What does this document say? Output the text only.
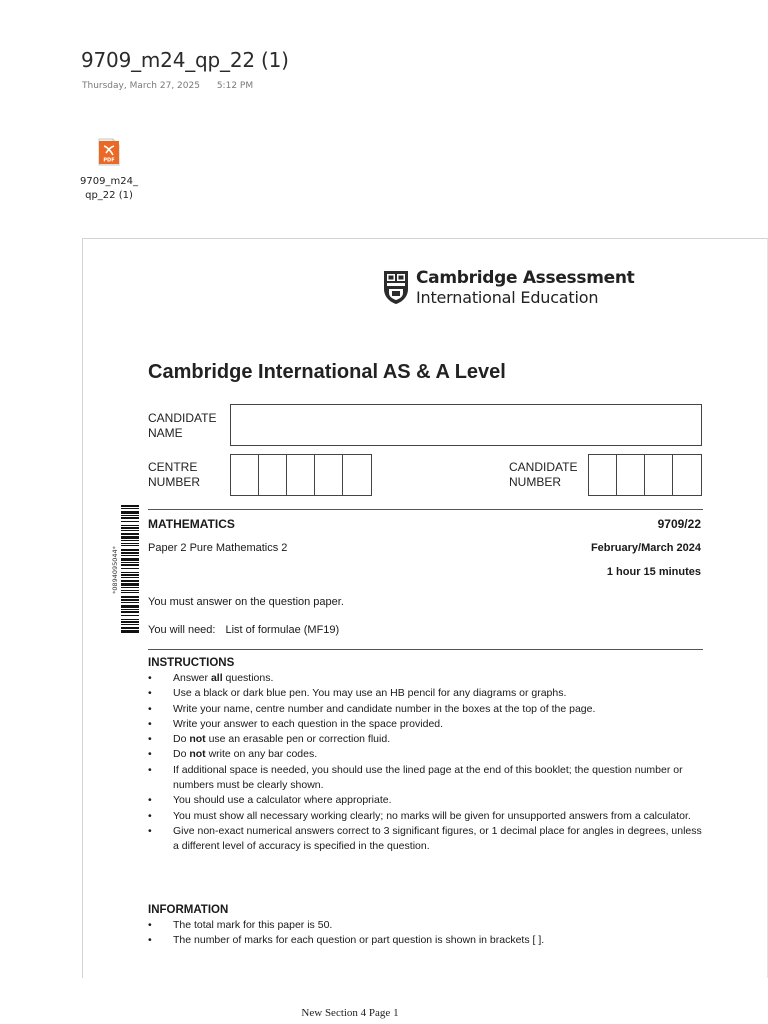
9709_m24_qp_22 (1)
Thursday, March 27, 2025 5:12 PM
PDF
9709_m24_
qp_22 (1)
Cambridge Assessment
International Education
Cambridge International AS & A Level
CANDIDATE
NAME
CENTRE
NUMBER
CANDIDATE
NUMBER
*0894095044*
MATHEMATICS	9709/22
Paper 2 Pure Mathematics 2	February/March 2024
1 hour 15 minutes
You must answer on the question paper.
You will need: List of formulae (MF19)
INSTRUCTIONS
• Answer all questions.
• Use a black or dark blue pen. You may use an HB pencil for any diagrams or graphs.
• Write your name, centre number and candidate number in the boxes at the top of the page.
• Write your answer to each question in the space provided.
• Do not use an erasable pen or correction fluid.
• Do not write on any bar codes.
• If additional space is needed, you should use the lined page at the end of this booklet; the question number or numbers must be clearly shown.
• You should use a calculator where appropriate.
• You must show all necessary working clearly; no marks will be given for unsupported answers from a calculator.
• Give non-exact numerical answers correct to 3 significant figures, or 1 decimal place for angles in degrees, unless a different level of accuracy is specified in the question.
INFORMATION
• The total mark for this paper is 50.
• The number of marks for each question or part question is shown in brackets [ ].
New Section 4 Page 1
